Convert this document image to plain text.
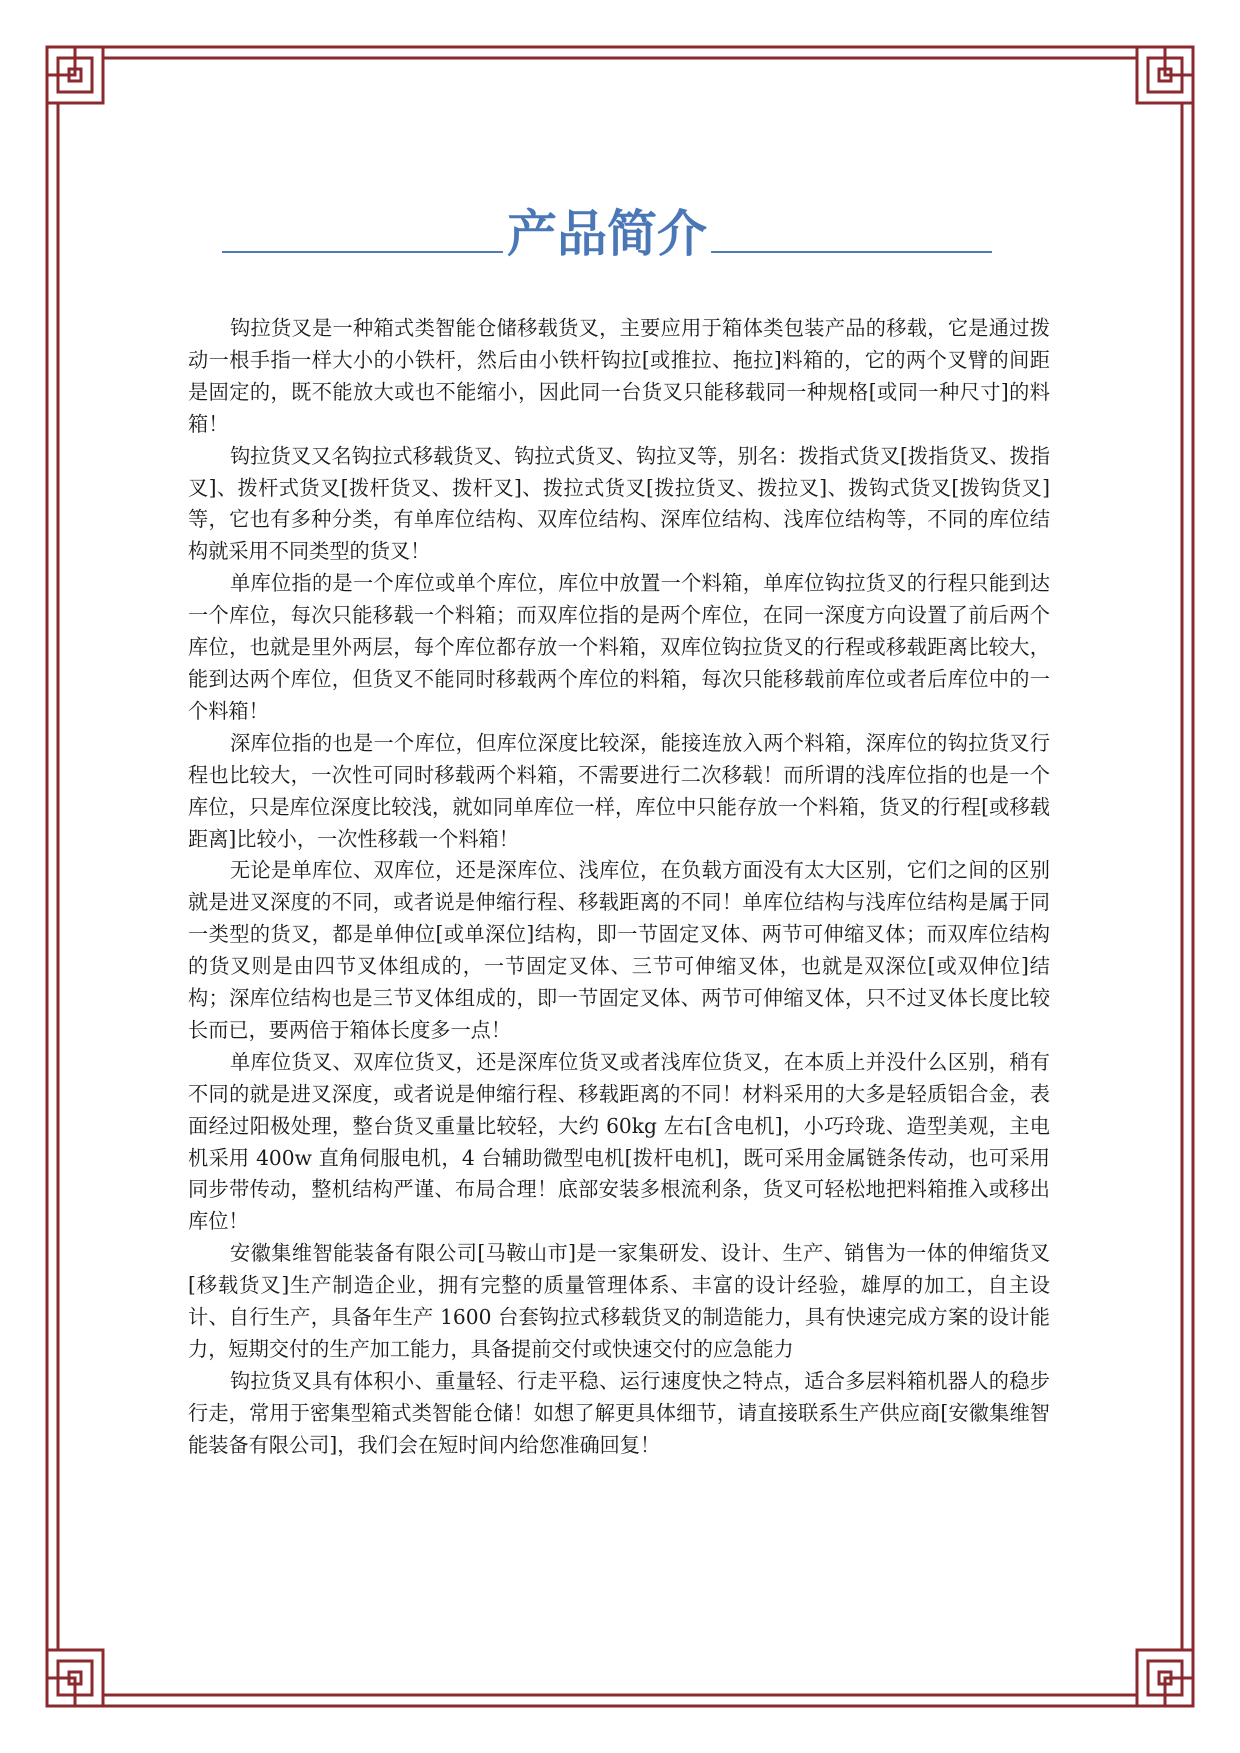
产品简介

钩拉货叉是一种箱式类智能仓储移载货叉，主要应用于箱体类包装产品的移载，它是通过拨动一根手指一样大小的小铁杆，然后由小铁杆钩拉[或推拉、拖拉]料箱的，它的两个叉臂的间距是固定的，既不能放大或也不能缩小，因此同一台货叉只能移载同一种规格[或同一种尺寸]的料箱！

钩拉货叉又名钩拉式移载货叉、钩拉式货叉、钩拉叉等，别名：拨指式货叉[拨指货叉、拨指叉]、拨杆式货叉[拨杆货叉、拨杆叉]、拨拉式货叉[拨拉货叉、拨拉叉]、拨钩式货叉[拨钩货叉]等，它也有多种分类，有单库位结构、双库位结构、深库位结构、浅库位结构等，不同的库位结构就采用不同类型的货叉！

单库位指的是一个库位或单个库位，库位中放置一个料箱，单库位钩拉货叉的行程只能到达一个库位，每次只能移载一个料箱；而双库位指的是两个库位，在同一深度方向设置了前后两个库位，也就是里外两层，每个库位都存放一个料箱，双库位钩拉货叉的行程或移载距离比较大，能到达两个库位，但货叉不能同时移载两个库位的料箱，每次只能移载前库位或者后库位中的一个料箱！

深库位指的也是一个库位，但库位深度比较深，能接连放入两个料箱，深库位的钩拉货叉行程也比较大，一次性可同时移载两个料箱，不需要进行二次移载！而所谓的浅库位指的也是一个库位，只是库位深度比较浅，就如同单库位一样，库位中只能存放一个料箱，货叉的行程[或移载距离]比较小，一次性移载一个料箱！

无论是单库位、双库位，还是深库位、浅库位，在负载方面没有太大区别，它们之间的区别就是进叉深度的不同，或者说是伸缩行程、移载距离的不同！单库位结构与浅库位结构是属于同一类型的货叉，都是单伸位[或单深位]结构，即一节固定叉体、两节可伸缩叉体；而双库位结构的货叉则是由四节叉体组成的，一节固定叉体、三节可伸缩叉体，也就是双深位[或双伸位]结构；深库位结构也是三节叉体组成的，即一节固定叉体、两节可伸缩叉体，只不过叉体长度比较长而已，要两倍于箱体长度多一点！

单库位货叉、双库位货叉，还是深库位货叉或者浅库位货叉，在本质上并没什么区别，稍有不同的就是进叉深度，或者说是伸缩行程、移载距离的不同！材料采用的大多是轻质铝合金，表面经过阳极处理，整台货叉重量比较轻，大约 60kg 左右[含电机]，小巧玲珑、造型美观，主电机采用 400w 直角伺服电机，4 台辅助微型电机[拨杆电机]，既可采用金属链条传动，也可采用同步带传动，整机结构严谨、布局合理！底部安装多根流利条，货叉可轻松地把料箱推入或移出库位！

安徽集维智能装备有限公司[马鞍山市]是一家集研发、设计、生产、销售为一体的伸缩货叉[移载货叉]生产制造企业，拥有完整的质量管理体系、丰富的设计经验，雄厚的加工，自主设计、自行生产，具备年生产 1600 台套钩拉式移载货叉的制造能力，具有快速完成方案的设计能力，短期交付的生产加工能力，具备提前交付或快速交付的应急能力

钩拉货叉具有体积小、重量轻、行走平稳、运行速度快之特点，适合多层料箱机器人的稳步行走，常用于密集型箱式类智能仓储！如想了解更具体细节，请直接联系生产供应商[安徽集维智能装备有限公司]，我们会在短时间内给您准确回复！
